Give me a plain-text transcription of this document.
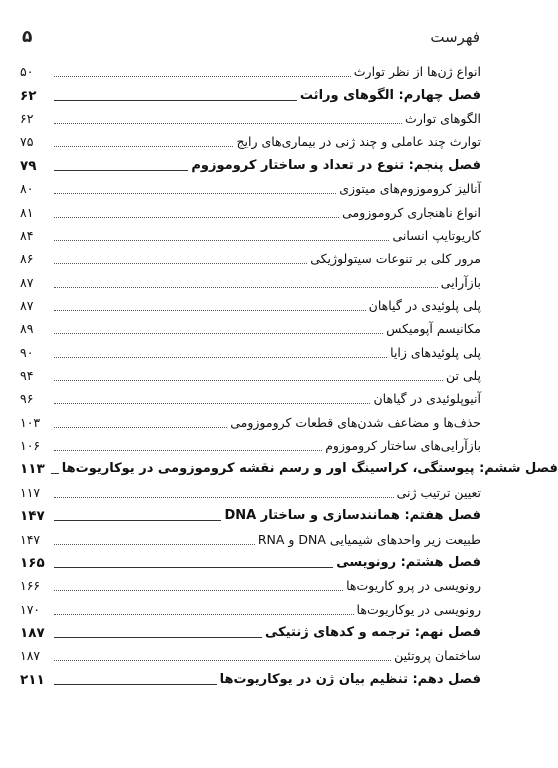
۵	فهرست
۵۰	انواع ژن‌ها از نظر توارث
۶۲	فصل چهارم: الگوهای وراثت
۶۲	الگوهای توارث
۷۵	توارث چند عاملی و چند ژنی در بیماری‌های رایج
۷۹	فصل پنجم: تنوع در تعداد و ساختار کروموزوم
۸۰	آنالیز کروموزوم‌های میتوزی
۸۱	انواع ناهنجاری کروموزومی
۸۴	کاریوتایپ انسانی
۸۶	مرور کلی بر تنوعات سیتولوژیکی
۸۷	بازآرایی
۸۷	پلی پلوئیدی در گیاهان
۸۹	مکانیسم آپومیکس
۹۰	پلی پلوئیدهای زایا
۹۴	پلی تن
۹۶	آنیوپلوئیدی در گیاهان
۱۰۳	حذف‌ها و مضاعف شدن‌های قطعات کروموزومی
۱۰۶	بازآرایی‌های ساختار کروموزوم
۱۱۳ فصل ششم: پیوستگی، کراسینگ اور و رسم نقشه کروموزومی در یوکاریوت‌ها
۱۱۷	تعیین ترتیب ژنی
۱۴۷	فصل هفتم: همانندسازی و ساختار DNA
۱۴۷	طبیعت زیر واحدهای شیمیایی DNA و RNA
۱۶۵	فصل هشتم: رونویسی
۱۶۶	رونویسی در پرو کاریوت‌ها
۱۷۰	رونویسی در یوکاریوت‌ها
۱۸۷	فصل نهم: ترجمه و کدهای ژنتیکی
۱۸۷	ساختمان پروتئین
۲۱۱	فصل دهم: تنظیم بیان ژن در یوکاریوت‌ها
